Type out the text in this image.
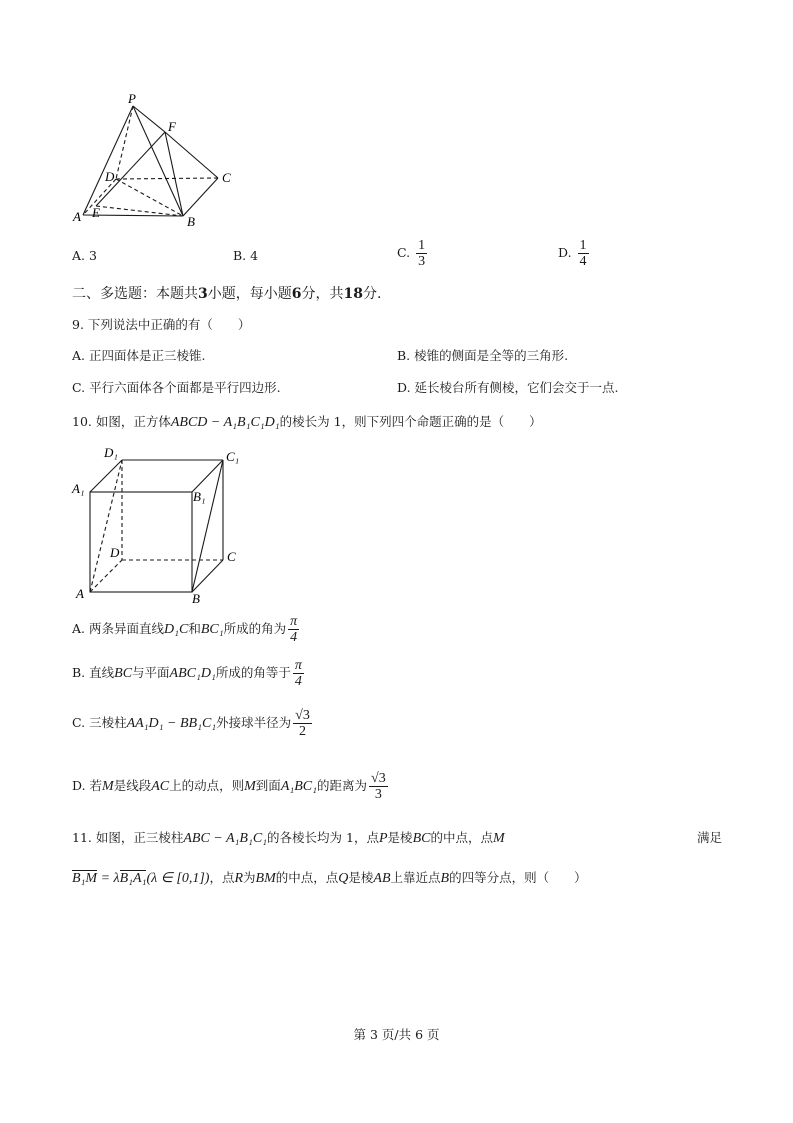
P
F
D	C
A E
B
A. 3	B. 4	C. $\frac{1}{3}$	D. $\frac{1}{4}$
二、多选题：本题共3小题，每小题6分，共18分.
9. 下列说法中正确的有（　　）
A. 正四面体是正三棱锥.	B. 棱锥的侧面是全等的三角形.
C. 平行六面体各个面都是平行四边形.	D. 延长棱台所有侧棱，它们会交于一点.
10. 如图，正方体ABCD − A₁B₁C₁D₁的棱长为 1，则下列四个命题正确的是（　　）
D₁	C₁
A₁
B₁
D	C
A	B
A. 两条异面直线D₁C和BC₁所成的角为 $\frac{\pi}{4}$
B. 直线BC与平面ABC₁D₁所成的角等于 $\frac{\pi}{4}$
C. 三棱柱AA₁D₁ − BB₁C₁外接球半径为 $\frac{√3}{2}$
D. 若M是线段AC上的动点，则M到面A₁BC₁的距离为 $\frac{√3}{3}$
11. 如图，正三棱柱ABC − A₁B₁C₁的各棱长均为 1，点P是棱BC的中点，点M	满足
B₁M = λB₁A₁(λ ∈ [0,1])，点R为BM的中点，点Q是棱AB上靠近点B的四等分点，则（　　）
第 3 页/共 6 页
